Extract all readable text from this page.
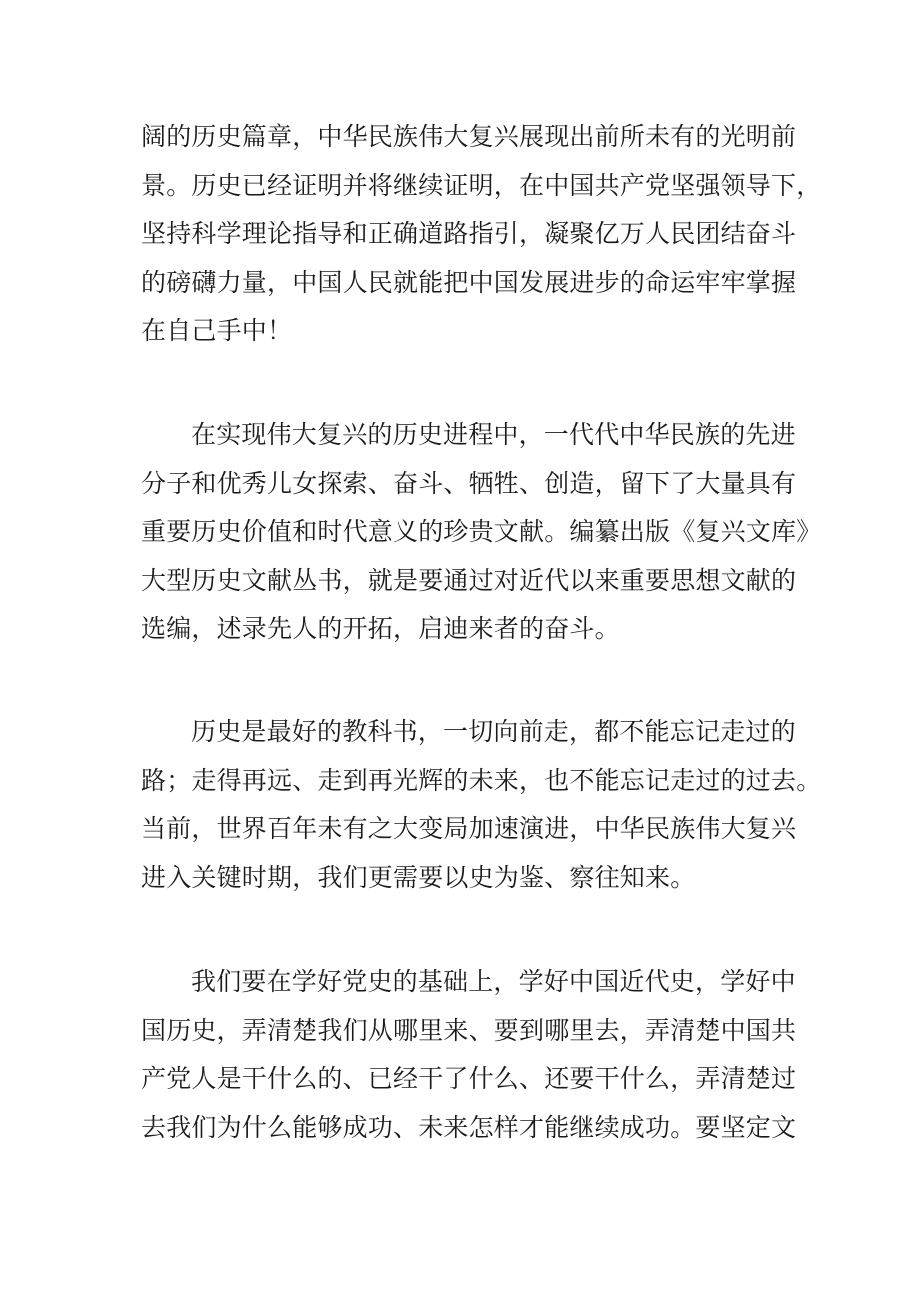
阔的历史篇章，中华民族伟大复兴展现出前所未有的光明前
景。历史已经证明并将继续证明，在中国共产党坚强领导下，
坚持科学理论指导和正确道路指引，凝聚亿万人民团结奋斗
的磅礴力量，中国人民就能把中国发展进步的命运牢牢掌握
在自己手中！

在实现伟大复兴的历史进程中，一代代中华民族的先进
分子和优秀儿女探索、奋斗、牺牲、创造，留下了大量具有
重要历史价值和时代意义的珍贵文献。编纂出版《复兴文库》
大型历史文献丛书，就是要通过对近代以来重要思想文献的
选编，述录先人的开拓，启迪来者的奋斗。

历史是最好的教科书，一切向前走，都不能忘记走过的
路；走得再远、走到再光辉的未来，也不能忘记走过的过去。
当前，世界百年未有之大变局加速演进，中华民族伟大复兴
进入关键时期，我们更需要以史为鉴、察往知来。

我们要在学好党史的基础上，学好中国近代史，学好中
国历史，弄清楚我们从哪里来、要到哪里去，弄清楚中国共
产党人是干什么的、已经干了什么、还要干什么，弄清楚过
去我们为什么能够成功、未来怎样才能继续成功。要坚定文
